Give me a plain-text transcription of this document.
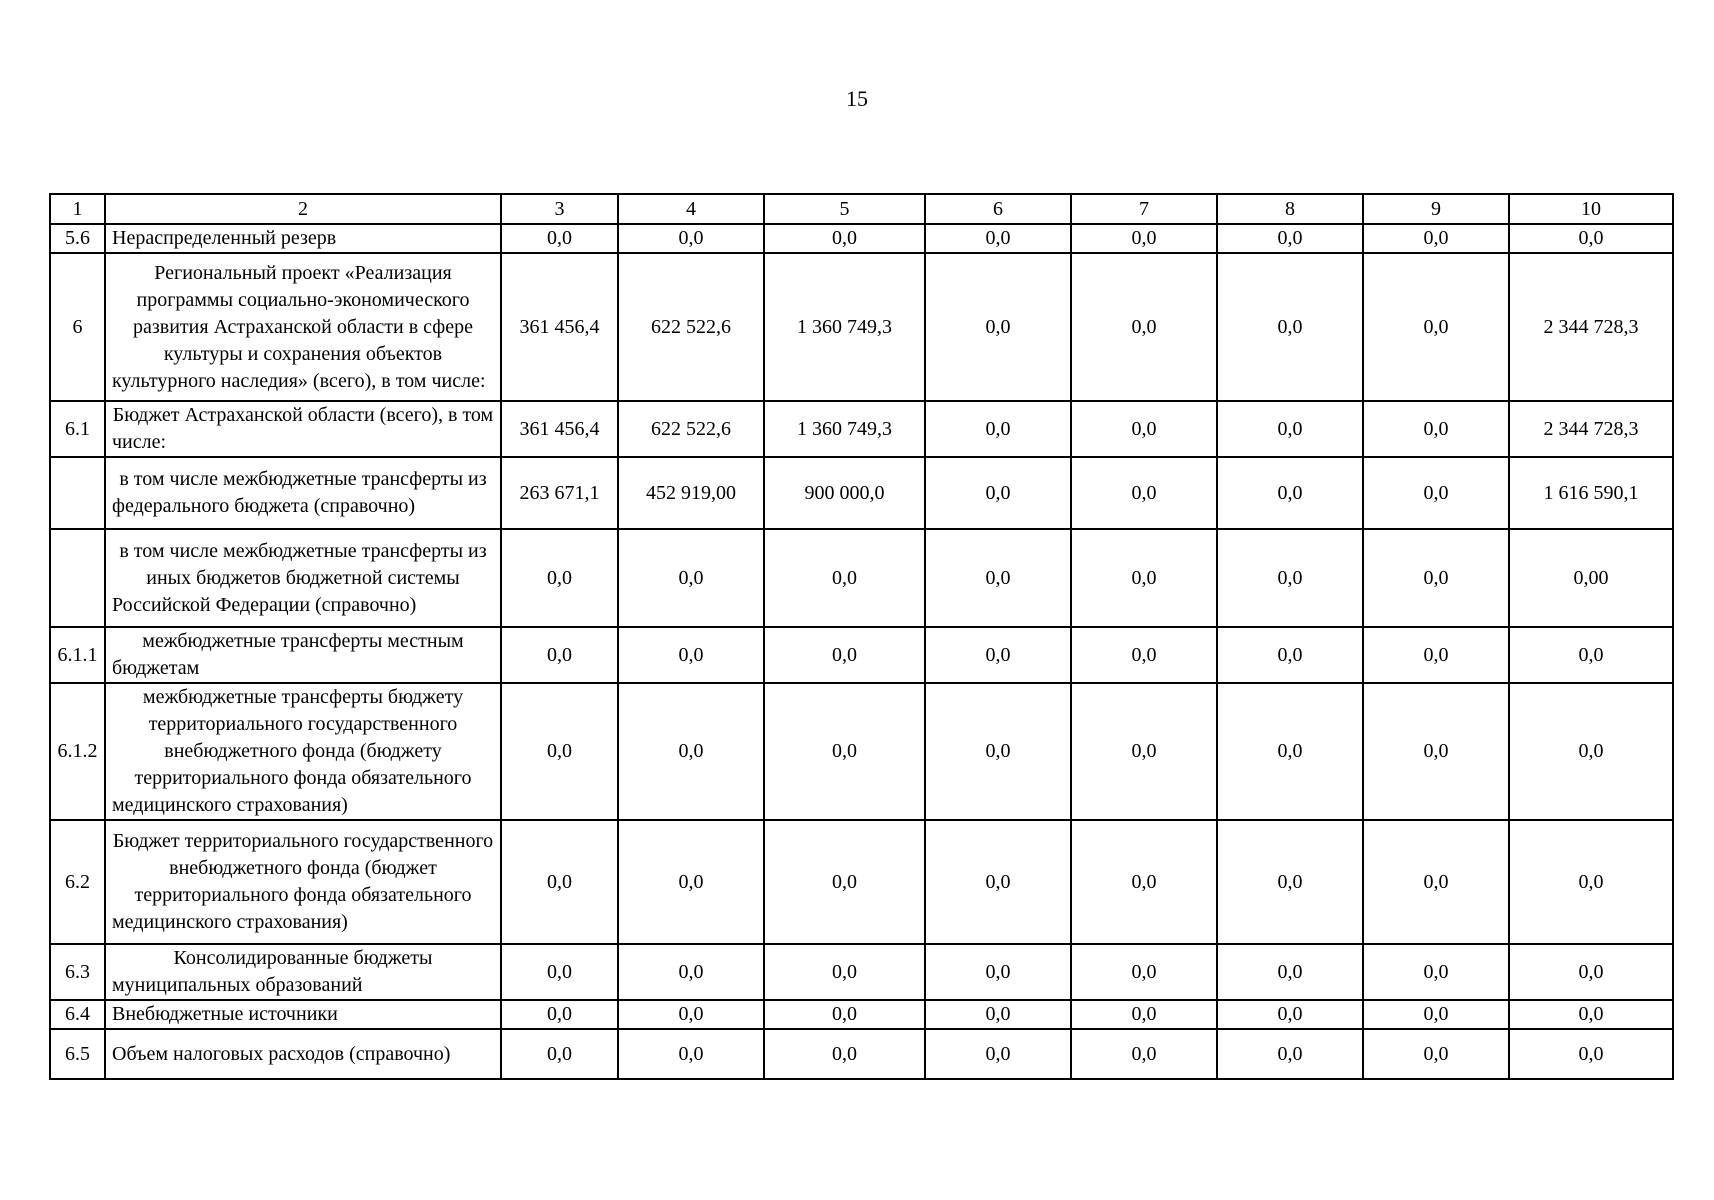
15
1	2	3	4	5	6	7	8	9	10
5.6	Нераспределенный резерв	0,0	0,0	0,0	0,0	0,0	0,0	0,0	0,0
6	Региональный проект «Реализация программы социально-экономического развития Астраханской области в сфере культуры и сохранения объектов культурного наследия» (всего), в том числе:	361 456,4	622 522,6	1 360 749,3	0,0	0,0	0,0	0,0	2 344 728,3
6.1	Бюджет Астраханской области (всего), в том числе:	361 456,4	622 522,6	1 360 749,3	0,0	0,0	0,0	0,0	2 344 728,3
	в том числе межбюджетные трансферты из федерального бюджета (справочно)	263 671,1	452 919,00	900 000,0	0,0	0,0	0,0	0,0	1 616 590,1
	в том числе межбюджетные трансферты из иных бюджетов бюджетной системы Российской Федерации (справочно)	0,0	0,0	0,0	0,0	0,0	0,0	0,0	0,00
6.1.1	межбюджетные трансферты местным бюджетам	0,0	0,0	0,0	0,0	0,0	0,0	0,0	0,0
6.1.2	межбюджетные трансферты бюджету территориального государственного внебюджетного фонда (бюджету территориального фонда обязательного медицинского страхования)	0,0	0,0	0,0	0,0	0,0	0,0	0,0	0,0
6.2	Бюджет территориального государственного внебюджетного фонда (бюджет территориального фонда обязательного медицинского страхования)	0,0	0,0	0,0	0,0	0,0	0,0	0,0	0,0
6.3	Консолидированные бюджеты муниципальных образований	0,0	0,0	0,0	0,0	0,0	0,0	0,0	0,0
6.4	Внебюджетные источники	0,0	0,0	0,0	0,0	0,0	0,0	0,0	0,0
6.5	Объем налоговых расходов (справочно)	0,0	0,0	0,0	0,0	0,0	0,0	0,0	0,0
